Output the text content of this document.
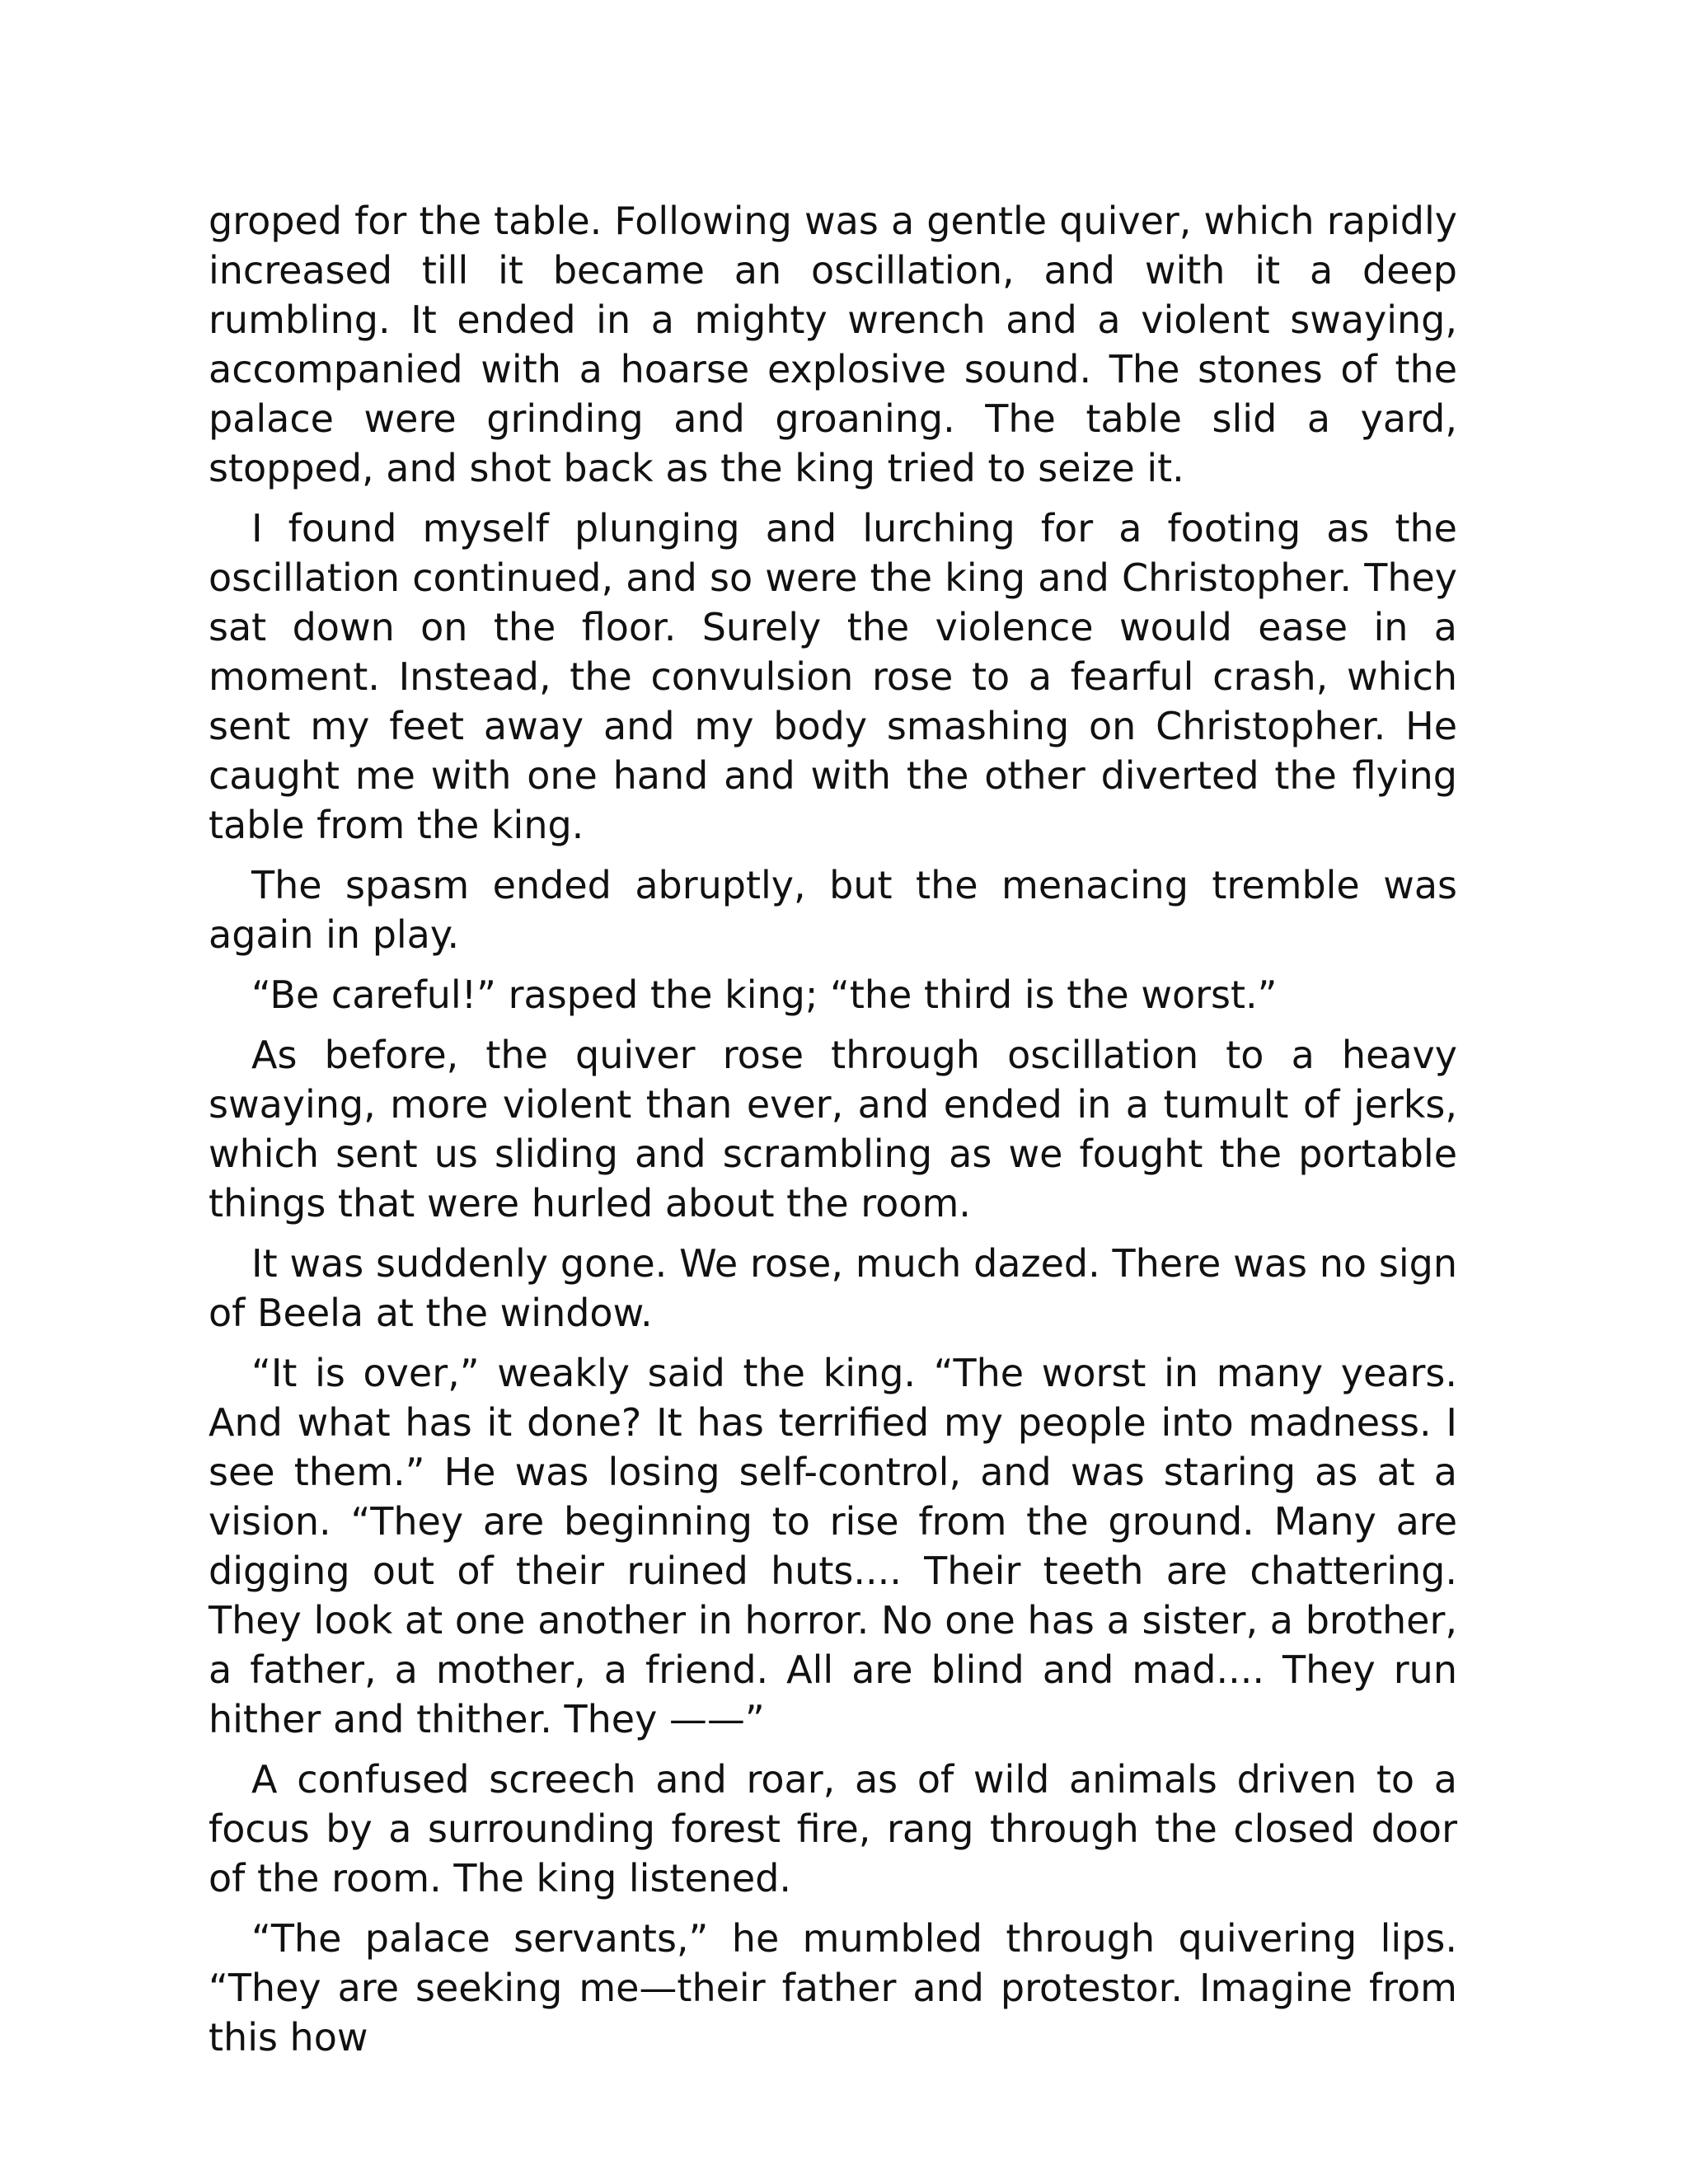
groped for the table. Following was a gentle quiver, which rapidly increased till it became an oscillation, and with it a deep rumbling. It ended in a mighty wrench and a violent swaying, accompanied with a hoarse explosive sound. The stones of the palace were grinding and groaning. The table slid a yard, stopped, and shot back as the king tried to seize it.

I found myself plunging and lurching for a footing as the oscillation continued, and so were the king and Christopher. They sat down on the floor. Surely the violence would ease in a moment. Instead, the convulsion rose to a fearful crash, which sent my feet away and my body smashing on Christopher. He caught me with one hand and with the other diverted the flying table from the king.

The spasm ended abruptly, but the menacing tremble was again in play.

“Be careful!” rasped the king; “the third is the worst.”

As before, the quiver rose through oscillation to a heavy swaying, more violent than ever, and ended in a tumult of jerks, which sent us sliding and scrambling as we fought the portable things that were hurled about the room.

It was suddenly gone. We rose, much dazed. There was no sign of Beela at the window.

“It is over,” weakly said the king. “The worst in many years. And what has it done? It has terrified my people into madness. I see them.” He was losing self-control, and was staring as at a vision. “They are beginning to rise from the ground. Many are digging out of their ruined huts.... Their teeth are chattering. They look at one another in horror. No one has a sister, a brother, a father, a mother, a friend. All are blind and mad.... They run hither and thither. They ——”

A confused screech and roar, as of wild animals driven to a focus by a surrounding forest fire, rang through the closed door of the room. The king listened.

“The palace servants,” he mumbled through quivering lips. “They are seeking me—their father and protestor. Imagine from this how
